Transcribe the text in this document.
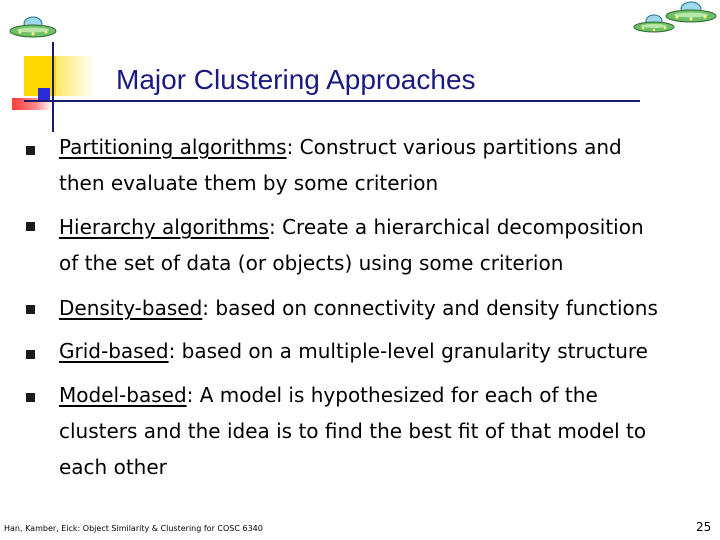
Major Clustering Approaches
Partitioning algorithms: Construct various partitions and
then evaluate them by some criterion
Hierarchy algorithms: Create a hierarchical decomposition
of the set of data (or objects) using some criterion
Density-based: based on connectivity and density functions
Grid-based: based on a multiple-level granularity structure
Model-based: A model is hypothesized for each of the
clusters and the idea is to find the best fit of that model to
each other
Han, Kamber, Eick: Object Similarity & Clustering for COSC 6340	25
